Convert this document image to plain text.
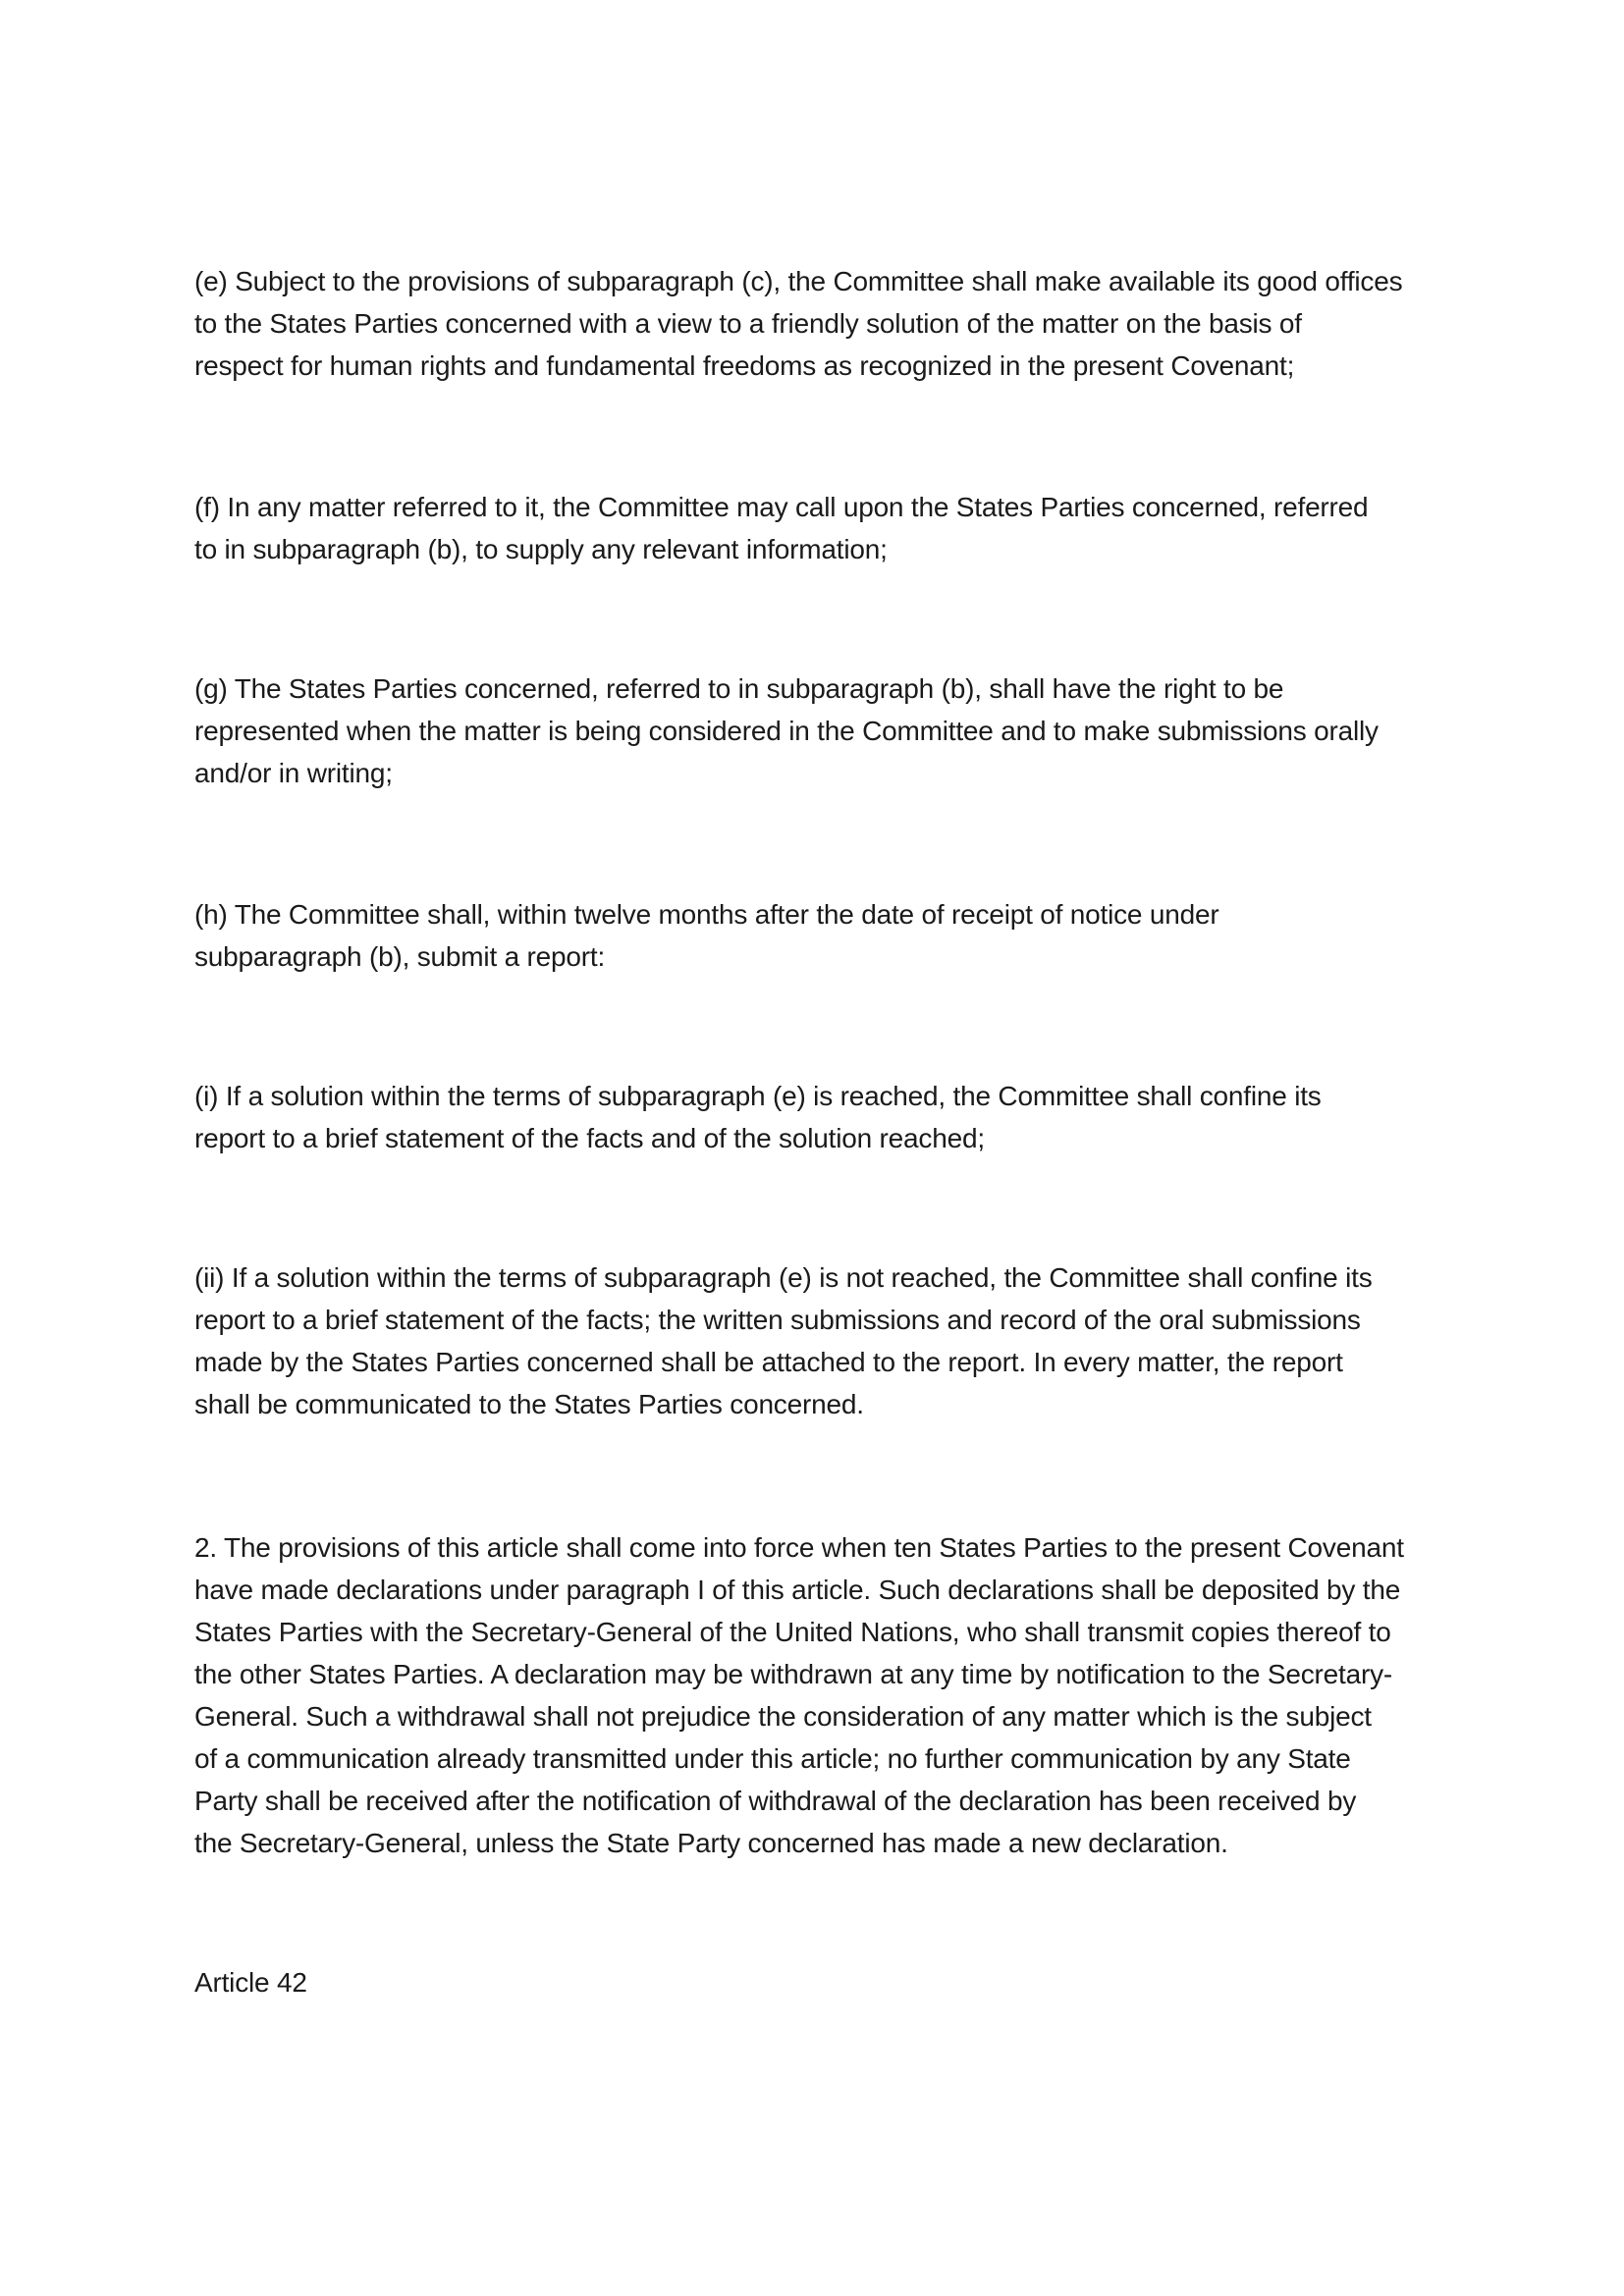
(e) Subject to the provisions of subparagraph (c), the Committee shall make available its good offices
to the States Parties concerned with a view to a friendly solution of the matter on the basis of
respect for human rights and fundamental freedoms as recognized in the present Covenant;

(f) In any matter referred to it, the Committee may call upon the States Parties concerned, referred
to in subparagraph (b), to supply any relevant information;

(g) The States Parties concerned, referred to in subparagraph (b), shall have the right to be
represented when the matter is being considered in the Committee and to make submissions orally
and/or in writing;

(h) The Committee shall, within twelve months after the date of receipt of notice under
subparagraph (b), submit a report:

(i) If a solution within the terms of subparagraph (e) is reached, the Committee shall confine its
report to a brief statement of the facts and of the solution reached;

(ii) If a solution within the terms of subparagraph (e) is not reached, the Committee shall confine its
report to a brief statement of the facts; the written submissions and record of the oral submissions
made by the States Parties concerned shall be attached to the report. In every matter, the report
shall be communicated to the States Parties concerned.

2. The provisions of this article shall come into force when ten States Parties to the present Covenant
have made declarations under paragraph I of this article. Such declarations shall be deposited by the
States Parties with the Secretary-General of the United Nations, who shall transmit copies thereof to
the other States Parties. A declaration may be withdrawn at any time by notification to the Secretary-
General. Such a withdrawal shall not prejudice the consideration of any matter which is the subject
of a communication already transmitted under this article; no further communication by any State
Party shall be received after the notification of withdrawal of the declaration has been received by
the Secretary-General, unless the State Party concerned has made a new declaration.

Article 42
